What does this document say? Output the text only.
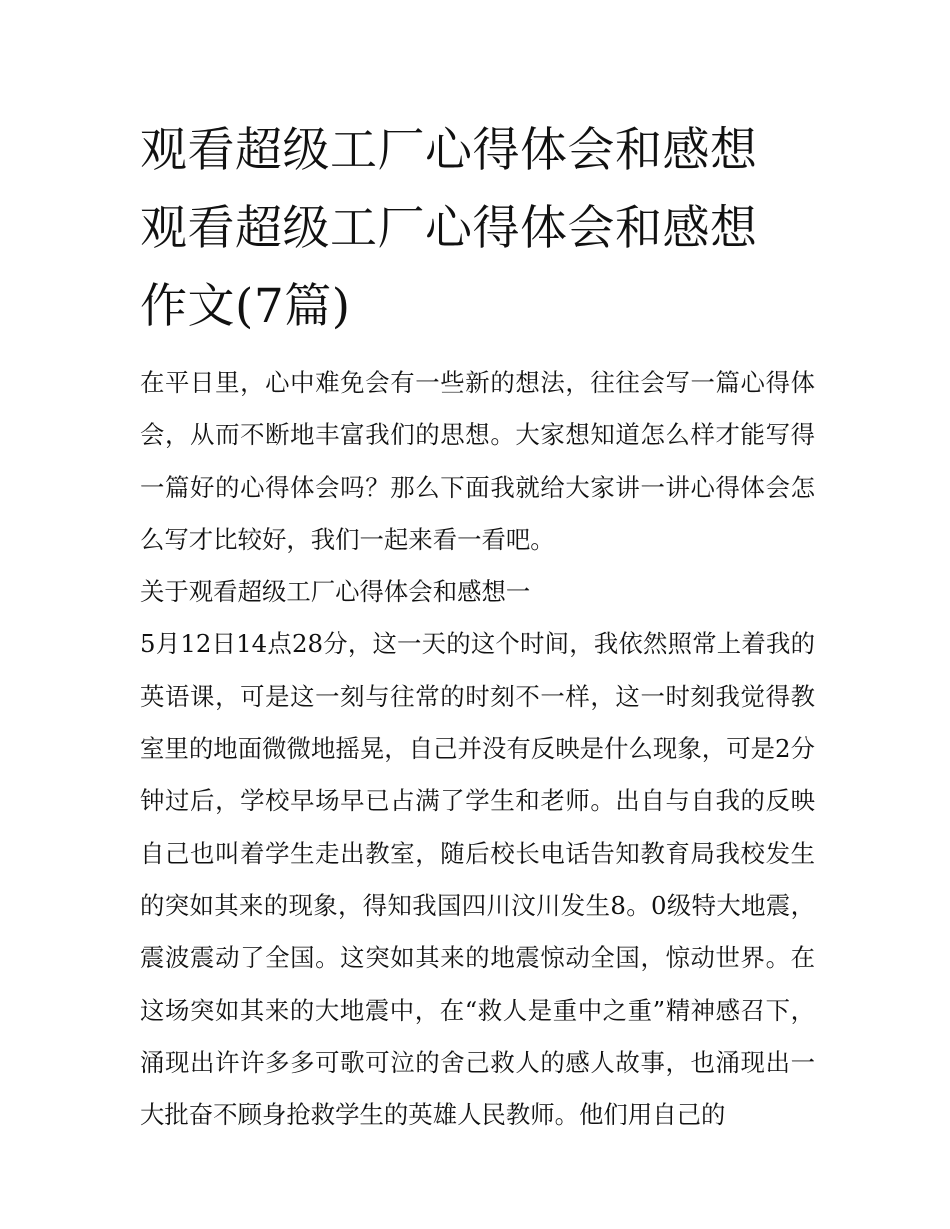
观看超级工厂心得体会和感想
观看超级工厂心得体会和感想
作文(7篇)

在平日里，心中难免会有一些新的想法，往往会写一篇心得体会，从而不断地丰富我们的思想。大家想知道怎么样才能写得一篇好的心得体会吗？那么下面我就给大家讲一讲心得体会怎么写才比较好，我们一起来看一看吧。

关于观看超级工厂心得体会和感想一

5月12日14点28分，这一天的这个时间，我依然照常上着我的英语课，可是这一刻与往常的时刻不一样，这一时刻我觉得教室里的地面微微地摇晃，自己并没有反映是什么现象，可是2分钟过后，学校早场早已占满了学生和老师。出自与自我的反映自己也叫着学生走出教室，随后校长电话告知教育局我校发生的突如其来的现象，得知我国四川汶川发生8。0级特大地震，震波震动了全国。这突如其来的地震惊动全国，惊动世界。在这场突如其来的大地震中，在“救人是重中之重”精神感召下，涌现出许许多多可歌可泣的舍己救人的感人故事，也涌现出一大批奋不顾身抢救学生的英雄人民教师。他们用自己的
